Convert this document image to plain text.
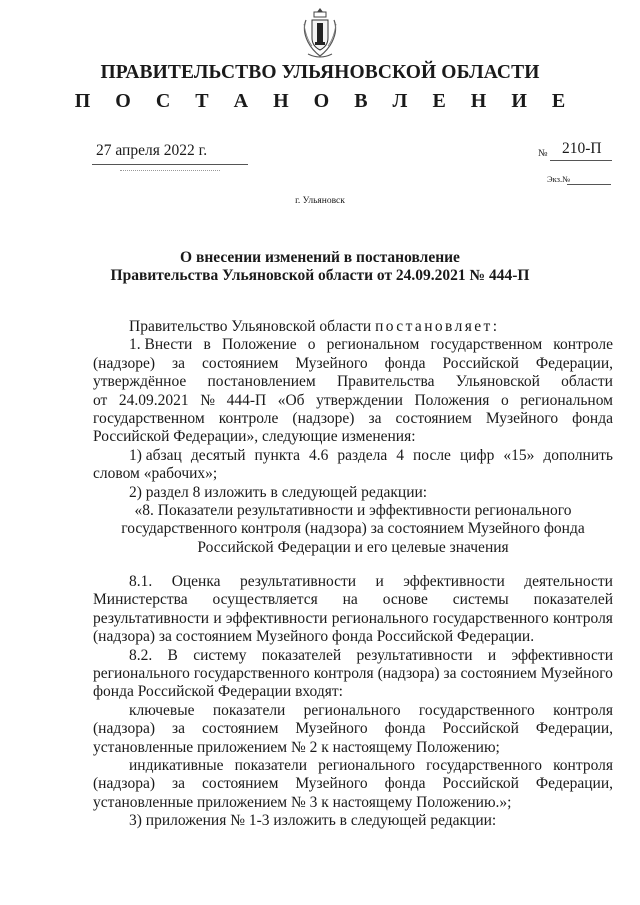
ПРАВИТЕЛЬСТВО УЛЬЯНОВСКОЙ ОБЛАСТИ
П О С Т А Н О В Л Е Н И Е
27 апреля 2022 г.	№ 210-П
Экз.№
г. Ульяновск
О внесении изменений в постановление
Правительства Ульяновской области от 24.09.2021 № 444-П
Правительство Ульяновской области постановляет:
1. Внести в Положение о региональном государственном контроле
(надзоре) за состоянием Музейного фонда Российской Федерации,
утверждённое постановлением Правительства Ульяновской области
от 24.09.2021 № 444-П «Об утверждении Положения о региональном
государственном контроле (надзоре) за состоянием Музейного фонда
Российской Федерации», следующие изменения:
1) абзац десятый пункта 4.6 раздела 4 после цифр «15» дополнить
словом «рабочих»;
2) раздел 8 изложить в следующей редакции:
«8. Показатели результативности и эффективности регионального
государственного контроля (надзора) за состоянием Музейного фонда
Российской Федерации и его целевые значения
8.1. Оценка результативности и эффективности деятельности
Министерства осуществляется на основе системы показателей
результативности и эффективности регионального государственного контроля
(надзора) за состоянием Музейного фонда Российской Федерации.
8.2. В систему показателей результативности и эффективности
регионального государственного контроля (надзора) за состоянием Музейного
фонда Российской Федерации входят:
ключевые показатели регионального государственного контроля
(надзора) за состоянием Музейного фонда Российской Федерации,
установленные приложением № 2 к настоящему Положению;
индикативные показатели регионального государственного контроля
(надзора) за состоянием Музейного фонда Российской Федерации,
установленные приложением № 3 к настоящему Положению.»;
3) приложения № 1-3 изложить в следующей редакции:
